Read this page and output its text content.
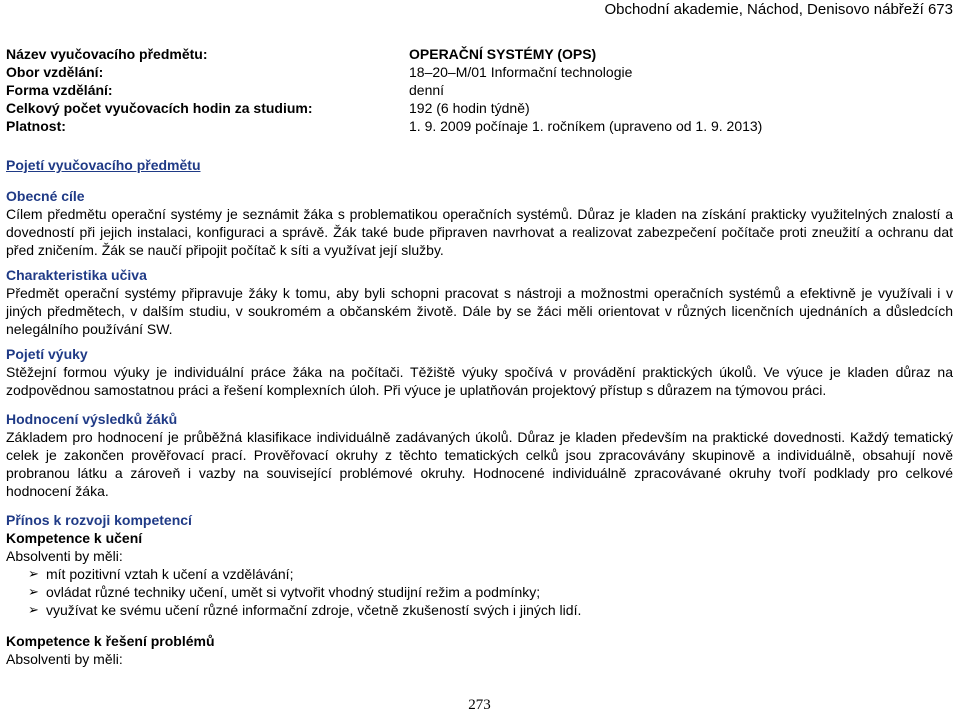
Obchodní akademie, Náchod, Denisovo nábřeží 673
Název vyučovacího předmětu:	OPERAČNÍ SYSTÉMY (OPS)
Obor vzdělání:	18–20–M/01 Informační technologie
Forma vzdělání:	denní
Celkový počet vyučovacích hodin za studium:	192 (6 hodin týdně)
Platnost:	1. 9. 2009 počínaje 1. ročníkem (upraveno od 1. 9. 2013)
Pojetí vyučovacího předmětu
Obecné cíle
Cílem předmětu operační systémy je seznámit žáka s problematikou operačních systémů. Důraz je kladen na získání prakticky využitelných znalostí a dovedností při jejich instalaci, konfiguraci a správě. Žák také bude připraven navrhovat a realizovat zabezpečení počítače proti zneužití a ochranu dat před zničením. Žák se naučí připojit počítač k síti a využívat její služby.
Charakteristika učiva
Předmět operační systémy připravuje žáky k tomu, aby byli schopni pracovat s nástroji a možnostmi operačních systémů a efektivně je využívali i v jiných předmětech, v dalším studiu, v soukromém a občanském životě. Dále by se žáci měli orientovat v různých licenčních ujednáních a důsledcích nelegálního používání SW.
Pojetí výuky
Stěžejní formou výuky je individuální práce žáka na počítači. Těžiště výuky spočívá v provádění praktických úkolů. Ve výuce je kladen důraz na zodpovědnou samostatnou práci a řešení komplexních úloh. Při výuce je uplatňován projektový přístup s důrazem na týmovou práci.
Hodnocení výsledků žáků
Základem pro hodnocení je průběžná klasifikace individuálně zadávaných úkolů. Důraz je kladen především na praktické dovednosti. Každý tematický celek je zakončen prověřovací prací. Prověřovací okruhy z těchto tematických celků jsou zpracovávány skupinově a individuálně, obsahují nově probranou látku a zároveň i vazby na související problémové okruhy. Hodnocené individuálně zpracovávané okruhy tvoří podklady pro celkové hodnocení žáka.
Přínos k rozvoji kompetencí
Kompetence k učení
Absolventi by měli:
➢ mít pozitivní vztah k učení a vzdělávání;
➢ ovládat různé techniky učení, umět si vytvořit vhodný studijní režim a podmínky;
➢ využívat ke svému učení různé informační zdroje, včetně zkušeností svých i jiných lidí.
Kompetence k řešení problémů
Absolventi by měli:
273
